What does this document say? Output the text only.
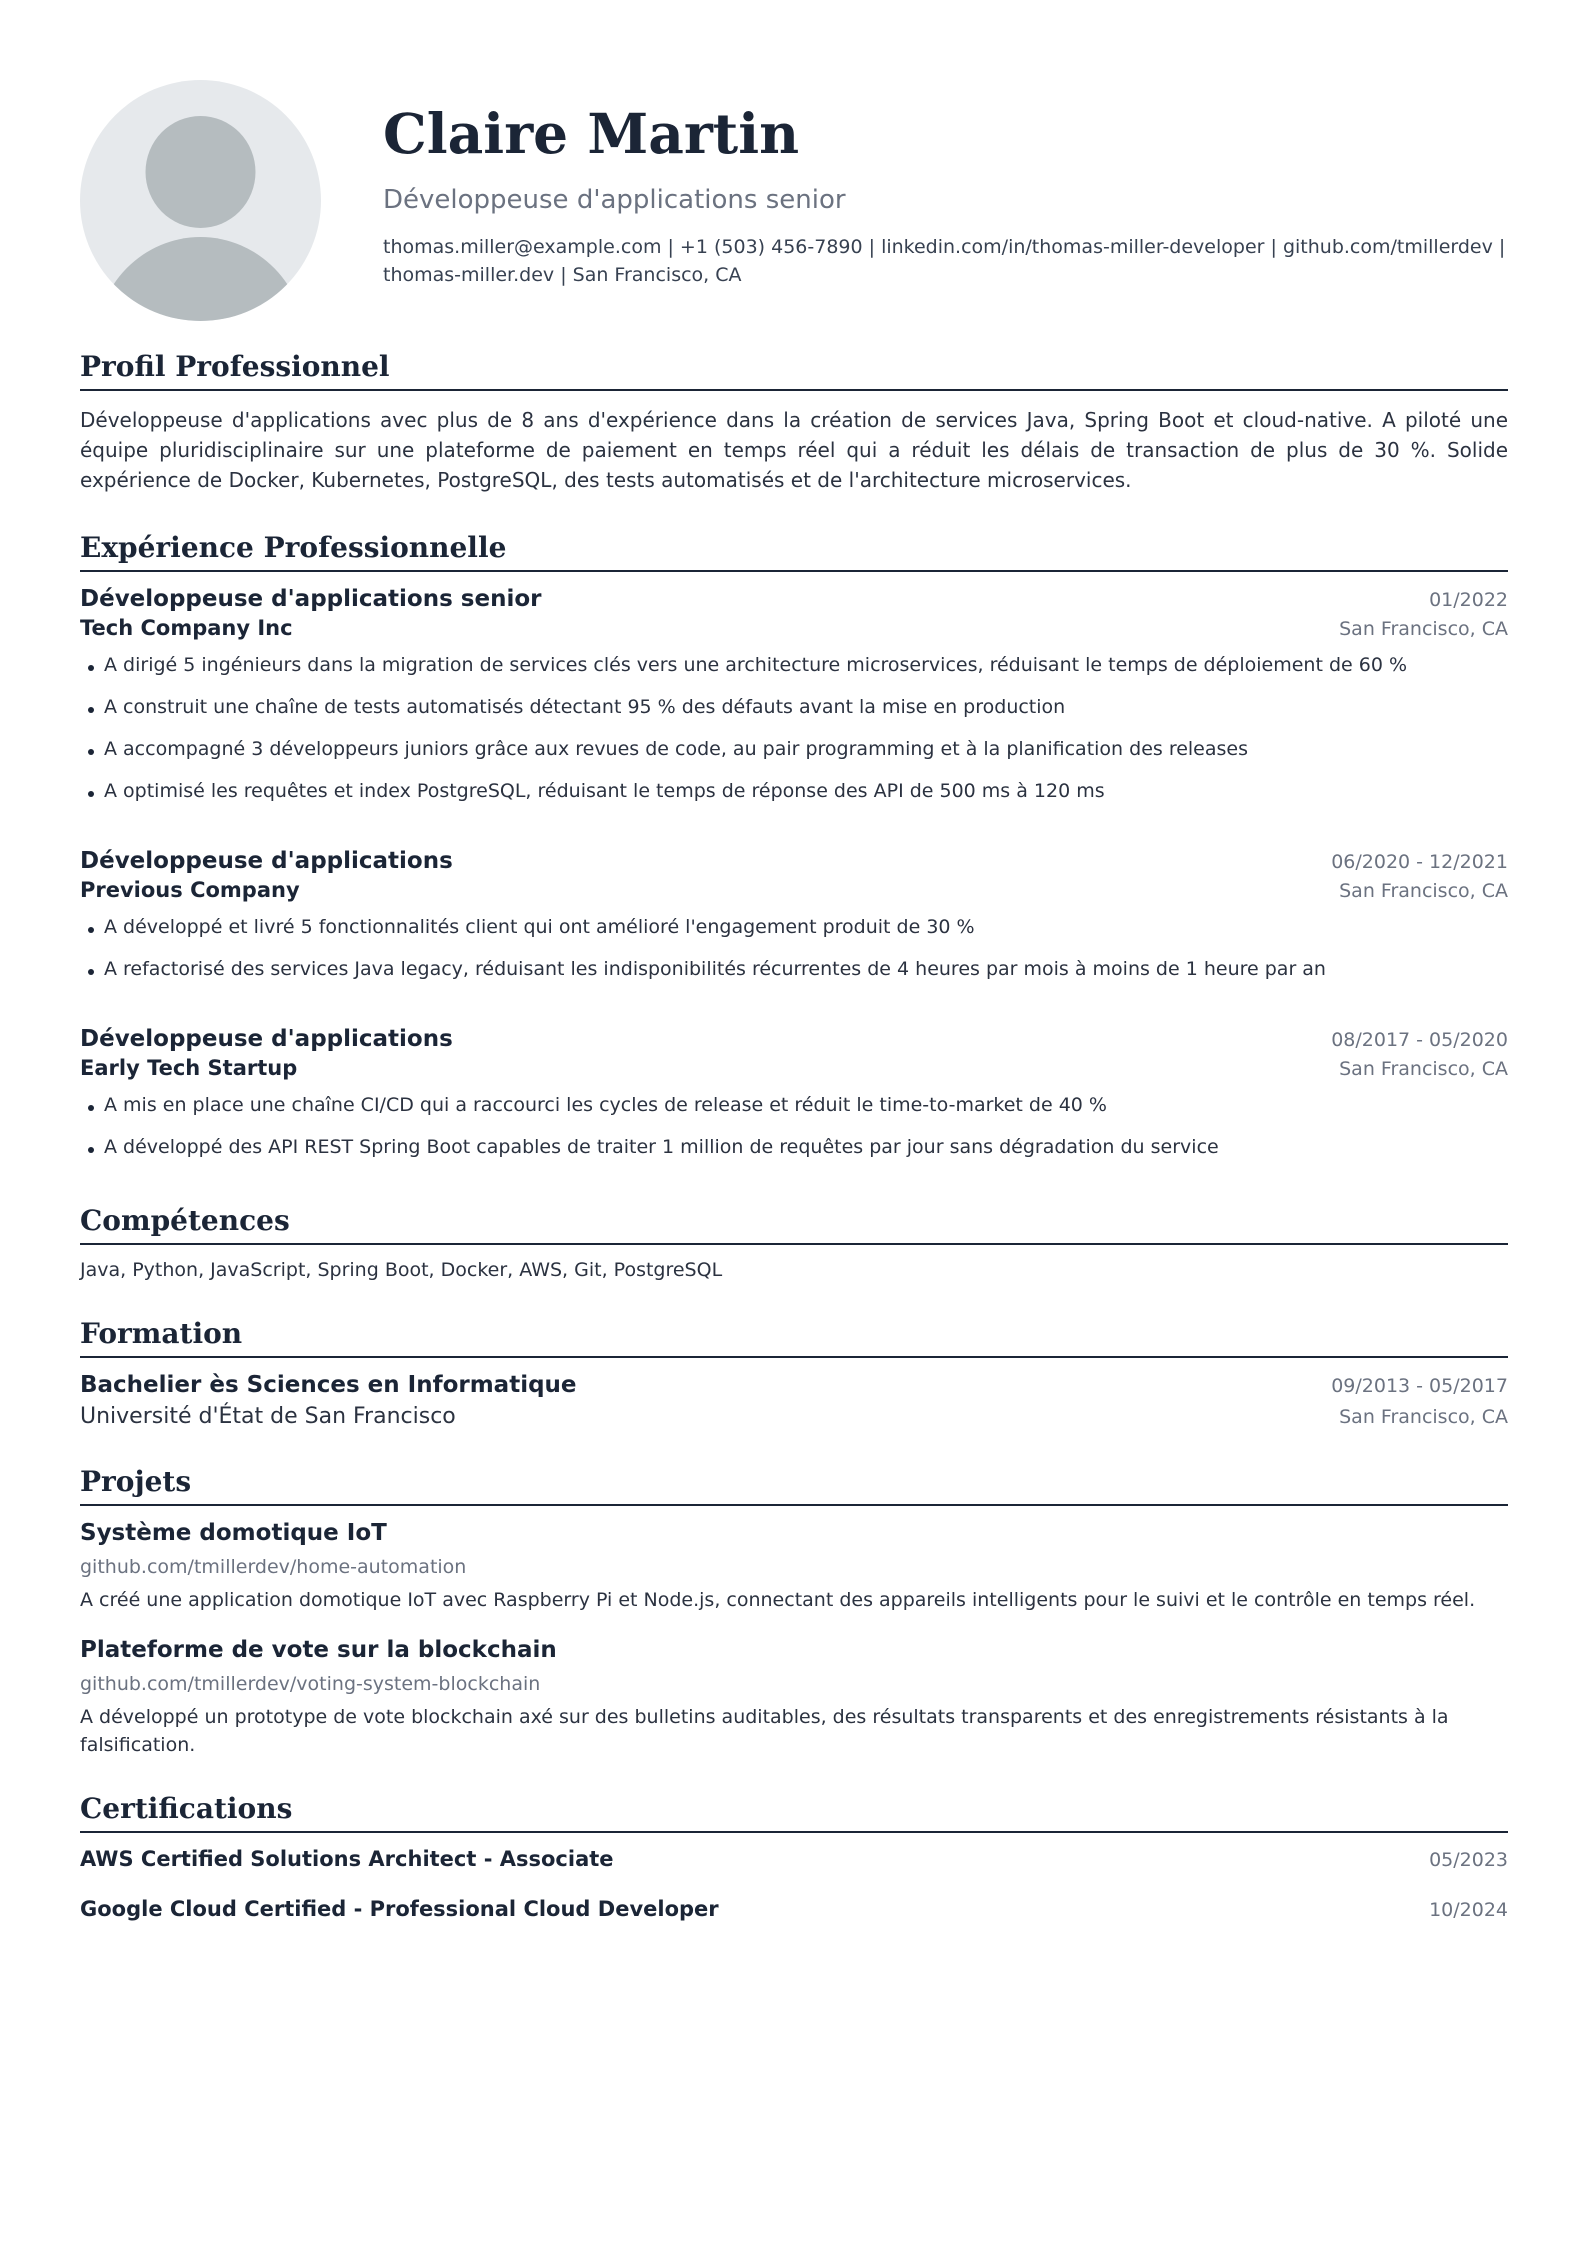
Claire Martin
Développeuse d'applications senior
thomas.miller@example.com | +1 (503) 456-7890 | linkedin.com/in/thomas-miller-developer | github.com/tmillerdev |
thomas-miller.dev | San Francisco, CA
Profil Professionnel

Développeuse d'applications avec plus de 8 ans d'expérience dans la création de services Java, Spring Boot et cloud-native. A piloté une équipe pluridisciplinaire sur une plateforme de paiement en temps réel qui a réduit les délais de transaction de plus de 30 %. Solide expérience de Docker, Kubernetes, PostgreSQL, des tests automatisés et de l'architecture microservices.

Expérience Professionnelle
Développeuse d'applications senior	01/2022
Tech Company Inc	San Francisco, CA
A dirigé 5 ingénieurs dans la migration de services clés vers une architecture microservices, réduisant le temps de déploiement de 60 %
A construit une chaîne de tests automatisés détectant 95 % des défauts avant la mise en production
A accompagné 3 développeurs juniors grâce aux revues de code, au pair programming et à la planification des releases
A optimisé les requêtes et index PostgreSQL, réduisant le temps de réponse des API de 500 ms à 120 ms
Développeuse d'applications	06/2020 - 12/2021
Previous Company	San Francisco, CA
A développé et livré 5 fonctionnalités client qui ont amélioré l'engagement produit de 30 %
A refactorisé des services Java legacy, réduisant les indisponibilités récurrentes de 4 heures par mois à moins de 1 heure par an
Développeuse d'applications	08/2017 - 05/2020
Early Tech Startup	San Francisco, CA
A mis en place une chaîne CI/CD qui a raccourci les cycles de release et réduit le time-to-market de 40 %
A développé des API REST Spring Boot capables de traiter 1 million de requêtes par jour sans dégradation du service
Compétences

Java, Python, JavaScript, Spring Boot, Docker, AWS, Git, PostgreSQL

Formation
Bachelier ès Sciences en Informatique	09/2013 - 05/2017
Université d'État de San Francisco	San Francisco, CA
Projets
Système domotique IoT
github.com/tmillerdev/home-automation
A créé une application domotique IoT avec Raspberry Pi et Node.js, connectant des appareils intelligents pour le suivi et le contrôle en temps réel.
Plateforme de vote sur la blockchain
github.com/tmillerdev/voting-system-blockchain
A développé un prototype de vote blockchain axé sur des bulletins auditables, des résultats transparents et des enregistrements résistants à la falsification.
Certifications
AWS Certified Solutions Architect - Associate	05/2023
Google Cloud Certified - Professional Cloud Developer	10/2024
